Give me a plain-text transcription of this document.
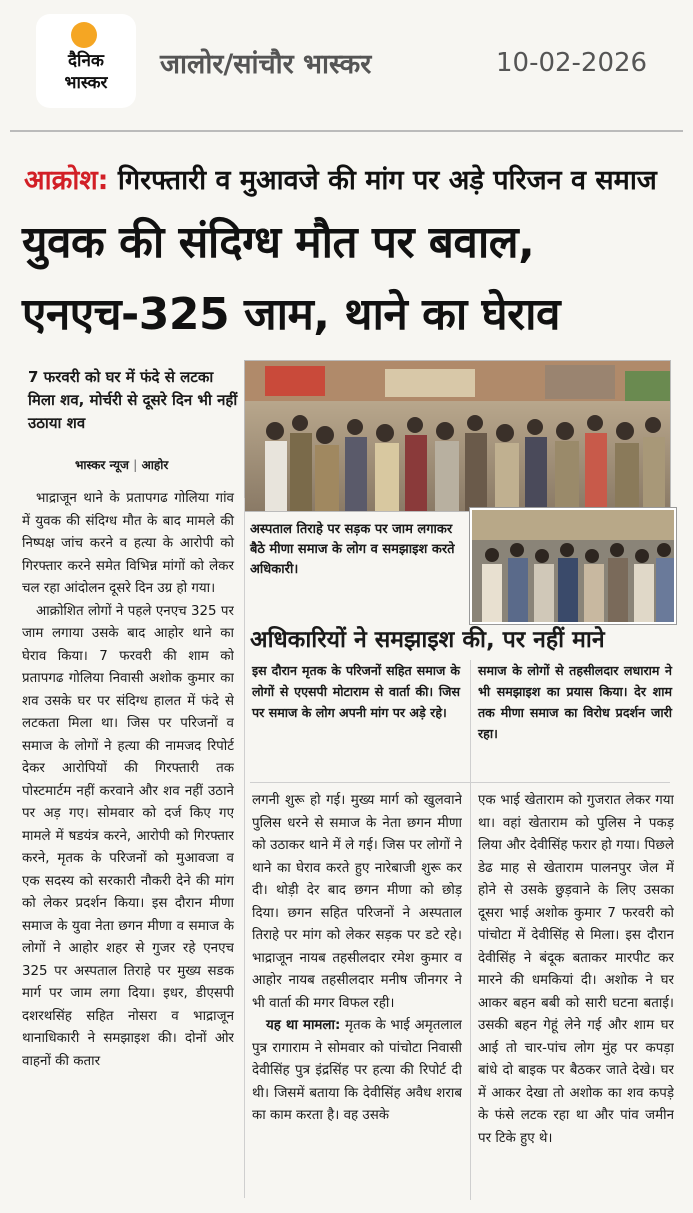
दैनिक
भास्कर
जालोर/सांचौर भास्कर	10-02-2026
आक्रोश: गिरफ्तारी व मुआवजे की मांग पर अड़े परिजन व समाज
युवक की संदिग्ध मौत पर बवाल,
एनएच-325 जाम, थाने का घेराव
7 फरवरी को घर में फंदे से लटका मिला शव, मोर्चरी से दूसरे दिन भी नहीं उठाया शव
भास्कर न्यूज | आहोर
भाद्राजून थाने के प्रतापगढ गोलिया गांव में युवक की संदिग्ध मौत के बाद मामले की निष्पक्ष जांच करने व हत्या के आरोपी को गिरफ्तार करने समेत विभिन्न मांगों को लेकर चल रहा आंदोलन दूसरे दिन उग्र हो गया।
आक्रोशित लोगों ने पहले एनएच 325 पर जाम लगाया उसके बाद आहोर थाने का घेराव किया। 7 फरवरी की शाम को प्रतापगढ गोलिया निवासी अशोक कुमार का शव उसके घर पर संदिग्ध हालत में फंदे से लटकता मिला था। जिस पर परिजनों व समाज के लोगों ने हत्या की नामजद रिपोर्ट देकर आरोपियों की गिरफ्तारी तक पोस्टमार्टम नहीं करवाने और शव नहीं उठाने पर अड़ गए। सोमवार को दर्ज किए गए मामले में षडयंत्र करने, आरोपी को गिरफ्तार करने, मृतक के परिजनों को मुआवजा व एक सदस्य को सरकारी नौकरी देने की मांग को लेकर प्रदर्शन किया। इस दौरान मीणा समाज के युवा नेता छगन मीणा व समाज के लोगों ने आहोर शहर से गुजर रहे एनएच 325 पर अस्पताल तिराहे पर मुख्य सडक मार्ग पर जाम लगा दिया। इधर, डीएसपी दशरथसिंह सहित नोसरा व भाद्राजून थानाधिकारी ने समझाइश की। दोनों ओर वाहनों की कतार
अस्पताल तिराहे पर सड़क पर जाम लगाकर बैठे मीणा समाज के लोग व समझाइश करते अधिकारी।
अधिकारियों ने समझाइश की, पर नहीं माने
इस दौरान मृतक के परिजनों सहित समाज के लोगों से एएसपी मोटाराम से वार्ता की। जिस पर समाज के लोग अपनी मांग पर अड़े रहे।
समाज के लोगों से तहसीलदार लधाराम ने भी समझाइश का प्रयास किया। देर शाम तक मीणा समाज का विरोध प्रदर्शन जारी रहा।
लगनी शुरू हो गई। मुख्य मार्ग को खुलवाने पुलिस धरने से समाज के नेता छगन मीणा को उठाकर थाने में ले गई। जिस पर लोगों ने थाने का घेराव करते हुए नारेबाजी शुरू कर दी। थोड़ी देर बाद छगन मीणा को छोड़ दिया। छगन सहित परिजनों ने अस्पताल तिराहे पर मांग को लेकर सड़क पर डटे रहे। भाद्राजून नायब तहसीलदार रमेश कुमार व आहोर नायब तहसीलदार मनीष जीनगर ने भी वार्ता की मगर विफल रही।
यह था मामला: मृतक के भाई अमृतलाल पुत्र रागाराम ने सोमवार को पांचोटा निवासी देवीसिंह पुत्र इंद्रसिंह पर हत्या की रिपोर्ट दी थी। जिसमें बताया कि देवीसिंह अवैध शराब का काम करता है। वह उसके
एक भाई खेताराम को गुजरात लेकर गया था। वहां खेताराम को पुलिस ने पकड़ लिया और देवीसिंह फरार हो गया। पिछले डेढ माह से खेताराम पालनपुर जेल में होने से उसके छुड़वाने के लिए उसका दूसरा भाई अशोक कुमार 7 फरवरी को पांचोटा में देवीसिंह से मिला। इस दौरान देवीसिंह ने बंदूक बताकर मारपीट कर मारने की धमकियां दी। अशोक ने घर आकर बहन बबी को सारी घटना बताई। उसकी बहन गेहूं लेने गई और शाम घर आई तो चार-पांच लोग मुंह पर कपड़ा बांधे दो बाइक पर बैठकर जाते देखे। घर में आकर देखा तो अशोक का शव कपड़े के फंसे लटक रहा था और पांव जमीन पर टिके हुए थे।
